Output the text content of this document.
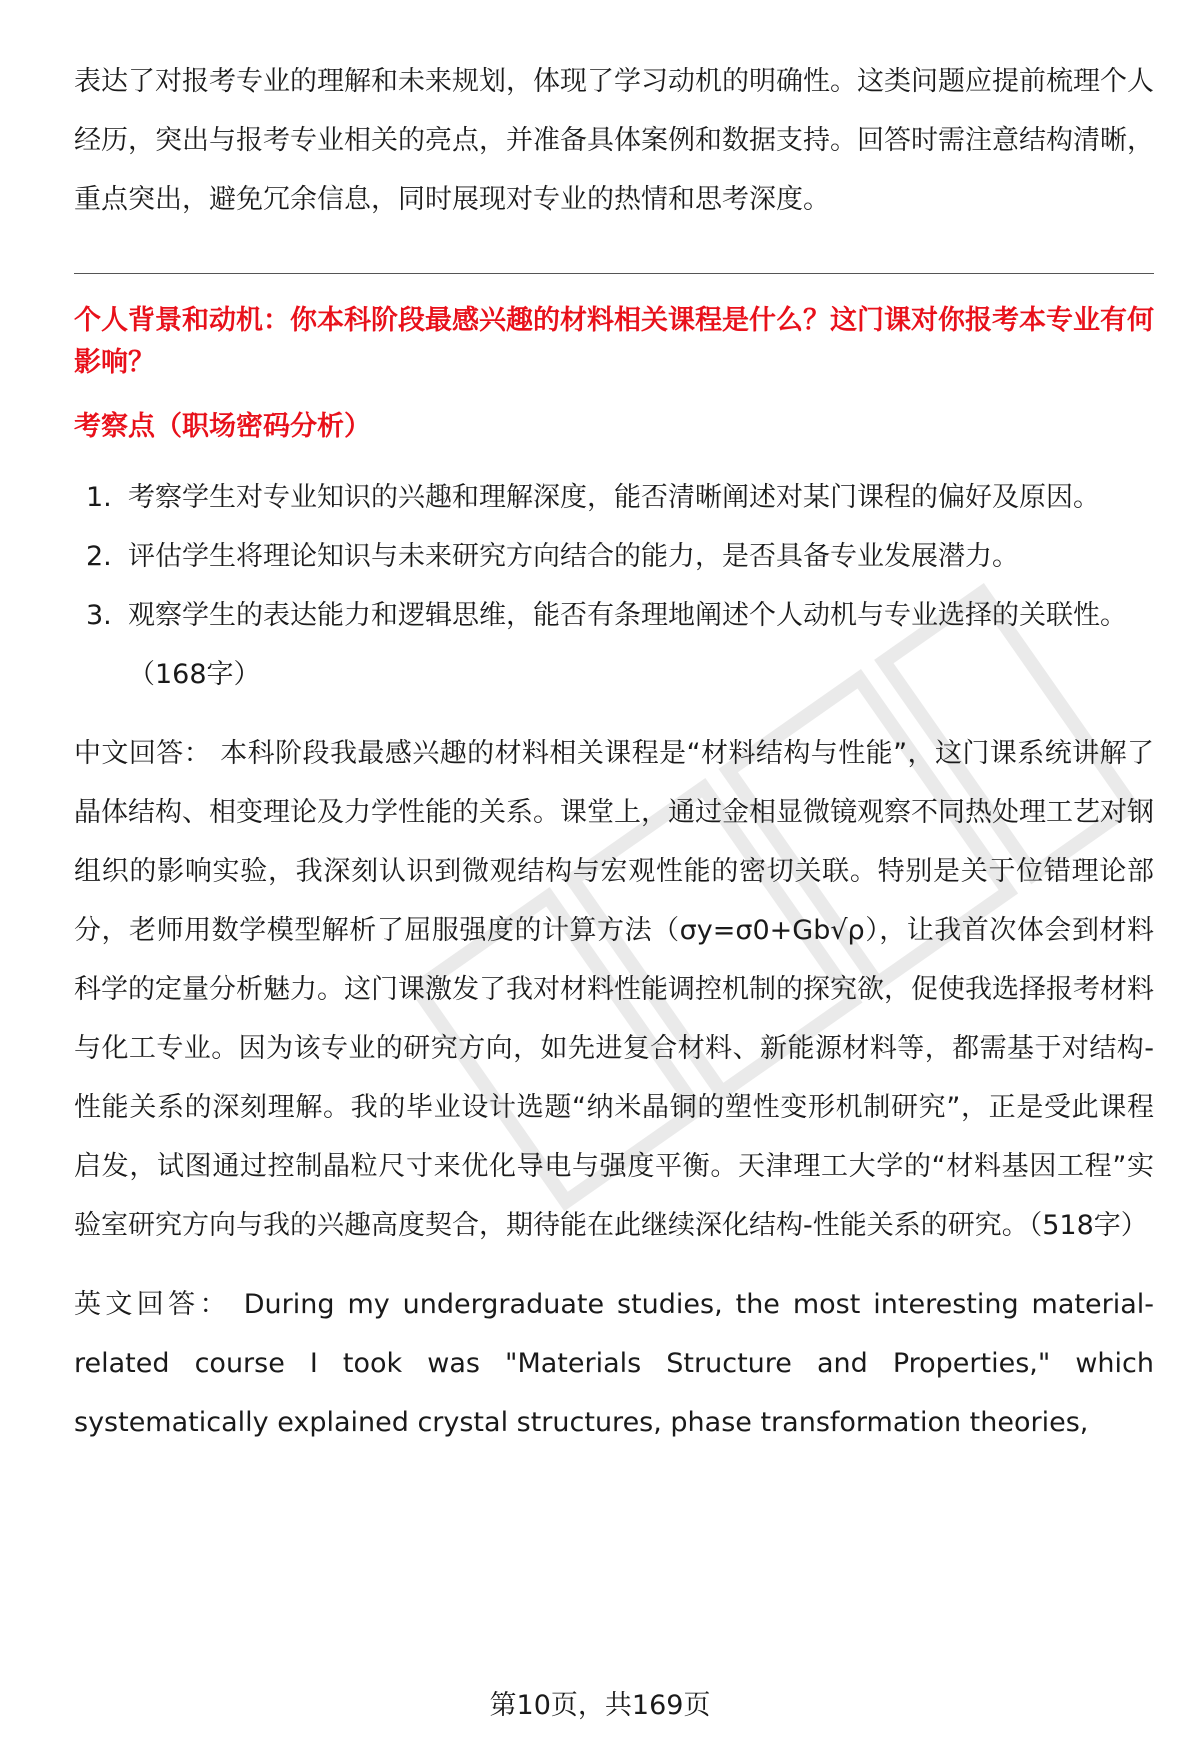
表达了对报考专业的理解和未来规划，体现了学习动机的明确性。这类问题应提前梳理个人经历，突出与报考专业相关的亮点，并准备具体案例和数据支持。回答时需注意结构清晰，重点突出，避免冗余信息，同时展现对专业的热情和思考深度。

个人背景和动机：你本科阶段最感兴趣的材料相关课程是什么？这门课对你报考本专业有何影响？

考察点（职场密码分析）

1. 考察学生对专业知识的兴趣和理解深度，能否清晰阐述对某门课程的偏好及原因。
2. 评估学生将理论知识与未来研究方向结合的能力，是否具备专业发展潜力。
3. 观察学生的表达能力和逻辑思维，能否有条理地阐述个人动机与专业选择的关联性。（168字）

中文回答： 本科阶段我最感兴趣的材料相关课程是“材料结构与性能”，这门课系统讲解了晶体结构、相变理论及力学性能的关系。课堂上，通过金相显微镜观察不同热处理工艺对钢组织的影响实验，我深刻认识到微观结构与宏观性能的密切关联。特别是关于位错理论部分，老师用数学模型解析了屈服强度的计算方法（σy=σ0+Gb√ρ），让我首次体会到材料科学的定量分析魅力。这门课激发了我对材料性能调控机制的探究欲，促使我选择报考材料与化工专业。因为该专业的研究方向，如先进复合材料、新能源材料等，都需基于对结构-性能关系的深刻理解。我的毕业设计选题“纳米晶铜的塑性变形机制研究”，正是受此课程启发，试图通过控制晶粒尺寸来优化导电与强度平衡。天津理工大学的“材料基因工程”实验室研究方向与我的兴趣高度契合，期待能在此继续深化结构-性能关系的研究。（518字）

英文回答： During my undergraduate studies, the most interesting material-related course I took was "Materials Structure and Properties," which systematically explained crystal structures, phase transformation theories,

第10页，共169页
